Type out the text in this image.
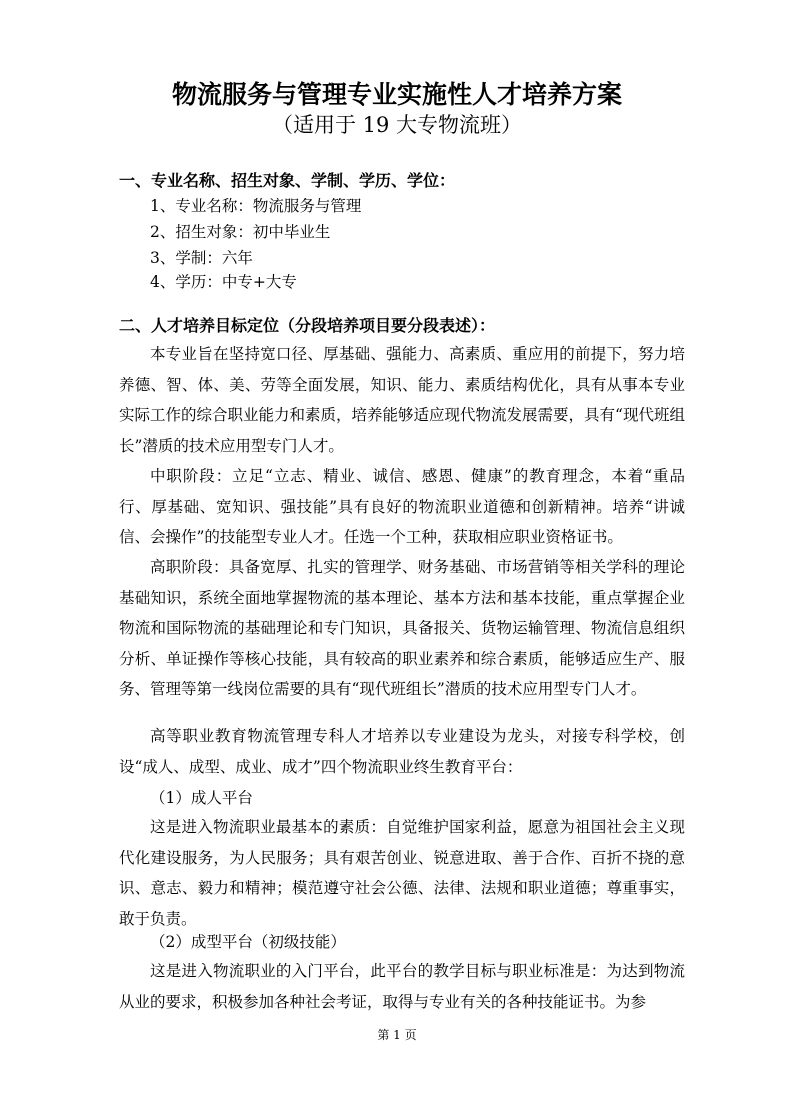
物流服务与管理专业实施性人才培养方案
（适用于 19 大专物流班）
一、专业名称、招生对象、学制、学历、学位：

1、专业名称：物流服务与管理

2、招生对象：初中毕业生

3、学制：六年

4、学历：中专+大专

二、人才培养目标定位（分段培养项目要分段表述）：

本专业旨在坚持宽口径、厚基础、强能力、高素质、重应用的前提下，努力培养德、智、体、美、劳等全面发展，知识、能力、素质结构优化，具有从事本专业实际工作的综合职业能力和素质，培养能够适应现代物流发展需要，具有“现代班组长”潜质的技术应用型专门人才。

中职阶段：立足“立志、精业、诚信、感恩、健康”的教育理念，本着“重品行、厚基础、宽知识、强技能”具有良好的物流职业道德和创新精神。培养“讲诚信、会操作”的技能型专业人才。任选一个工种，获取相应职业资格证书。

高职阶段：具备宽厚、扎实的管理学、财务基础、市场营销等相关学科的理论基础知识，系统全面地掌握物流的基本理论、基本方法和基本技能，重点掌握企业物流和国际物流的基础理论和专门知识，具备报关、货物运输管理、物流信息组织分析、单证操作等核心技能，具有较高的职业素养和综合素质，能够适应生产、服务、管理等第一线岗位需要的具有“现代班组长”潜质的技术应用型专门人才。

高等职业教育物流管理专科人才培养以专业建设为龙头，对接专科学校，创设“成人、成型、成业、成才”四个物流职业终生教育平台：

（1）成人平台

这是进入物流职业最基本的素质：自觉维护国家利益，愿意为祖国社会主义现代化建设服务，为人民服务；具有艰苦创业、锐意进取、善于合作、百折不挠的意识、意志、毅力和精神；模范遵守社会公德、法律、法规和职业道德；尊重事实，敢于负责。

（2）成型平台（初级技能）

这是进入物流职业的入门平台，此平台的教学目标与职业标准是：为达到物流从业的要求，积极参加各种社会考证，取得与专业有关的各种技能证书。为参

第 1 页
